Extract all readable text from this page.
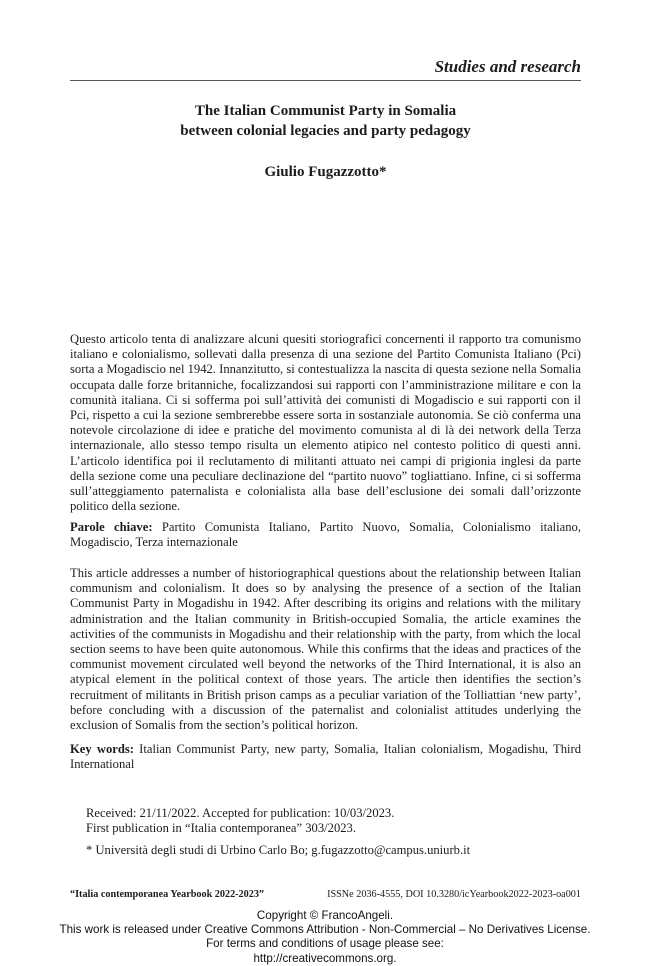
Studies and research
The Italian Communist Party in Somalia
between colonial legacies and party pedagogy
Giulio Fugazzotto*
Questo articolo tenta di analizzare alcuni quesiti storiografici concernenti il rapporto tra comunismo italiano e colonialismo, sollevati dalla presenza di una sezione del Partito Comunista Italiano (Pci) sorta a Mogadiscio nel 1942. Innanzitutto, si contestualizza la nascita di questa sezione nella Somalia occupata dalle forze britanniche, focalizzandosi sui rapporti con l’amministrazione militare e con la comunità italiana. Ci si sofferma poi sull’attività dei comunisti di Mogadiscio e sui rapporti con il Pci, rispetto a cui la sezione sembrerebbe essere sorta in sostanziale autonomia. Se ciò conferma una notevole circolazione di idee e pratiche del movimento comunista al di là dei network della Terza internazionale, allo stesso tempo risulta un elemento atipico nel contesto politico di questi anni. L’articolo identifica poi il reclutamento di militanti attuato nei campi di prigionia inglesi da parte della sezione come una peculiare declinazione del “partito nuovo” togliattiano. Infine, ci si sofferma sull’atteggiamento paternalista e colonialista alla base dell’esclusione dei somali dall’orizzonte politico della sezione.
Parole chiave: Partito Comunista Italiano, Partito Nuovo, Somalia, Colonialismo italiano, Mogadiscio, Terza internazionale
This article addresses a number of historiographical questions about the relationship between Italian communism and colonialism. It does so by analysing the presence of a section of the Italian Communist Party in Mogadishu in 1942. After describing its origins and relations with the military administration and the Italian community in British-occupied Somalia, the article examines the activities of the communists in Mogadishu and their relationship with the party, from which the local section seems to have been quite autonomous. While this confirms that the ideas and practices of the communist movement circulated well beyond the networks of the Third International, it is also an atypical element in the political context of those years. The article then identifies the section’s recruitment of militants in British prison camps as a peculiar variation of the Tolliattian ‘new party’, before concluding with a discussion of the paternalist and colonialist attitudes underlying the exclusion of Somalis from the section’s political horizon.
Key words: Italian Communist Party, new party, Somalia, Italian colonialism, Mogadishu, Third International
Received: 21/11/2022. Accepted for publication: 10/03/2023.
First publication in “Italia contemporanea” 303/2023.
* Università degli studi di Urbino Carlo Bo; g.fugazzotto@campus.uniurb.it
“Italia contemporanea Yearbook 2022-2023”	ISSNe 2036-4555, DOI 10.3280/icYearbook2022-2023-oa001
Copyright © FrancoAngeli.
This work is released under Creative Commons Attribution - Non-Commercial – No Derivatives License.
For terms and conditions of usage please see:
http://creativecommons.org.
